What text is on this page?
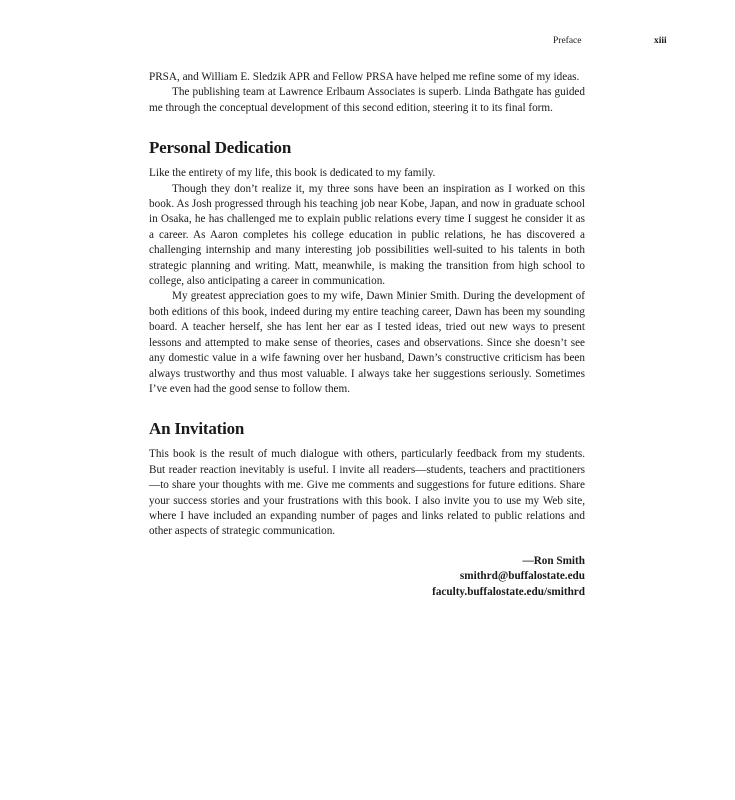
Preface	xiii

PRSA, and William E. Sledzik APR and Fellow PRSA have helped me refine some of my ideas.

The publishing team at Lawrence Erlbaum Associates is superb. Linda Bathgate has guided me through the conceptual development of this second edition, steering it to its final form.

Personal Dedication

Like the entirety of my life, this book is dedicated to my family.

Though they don’t realize it, my three sons have been an inspiration as I worked on this book. As Josh progressed through his teaching job near Kobe, Japan, and now in graduate school in Osaka, he has challenged me to explain public relations every time I suggest he consider it as a career. As Aaron completes his college education in public relations, he has discovered a challenging internship and many interesting job possibilities well-suited to his talents in both strategic planning and writing. Matt, meanwhile, is making the transition from high school to college, also anticipating a career in communication.

My greatest appreciation goes to my wife, Dawn Minier Smith. During the development of both editions of this book, indeed during my entire teaching career, Dawn has been my sounding board. A teacher herself, she has lent her ear as I tested ideas, tried out new ways to present lessons and attempted to make sense of theories, cases and observations. Since she doesn’t see any domestic value in a wife fawning over her husband, Dawn’s constructive criticism has been always trustworthy and thus most valuable. I always take her suggestions seriously. Sometimes I’ve even had the good sense to follow them.

An Invitation

This book is the result of much dialogue with others, particularly feedback from my students. But reader reaction inevitably is useful. I invite all readers—students, teachers and practitioners—to share your thoughts with me. Give me comments and suggestions for future editions. Share your success stories and your frustrations with this book. I also invite you to use my Web site, where I have included an expanding number of pages and links related to public relations and other aspects of strategic communication.

—Ron Smith
smithrd@buffalostate.edu
faculty.buffalostate.edu/smithrd
